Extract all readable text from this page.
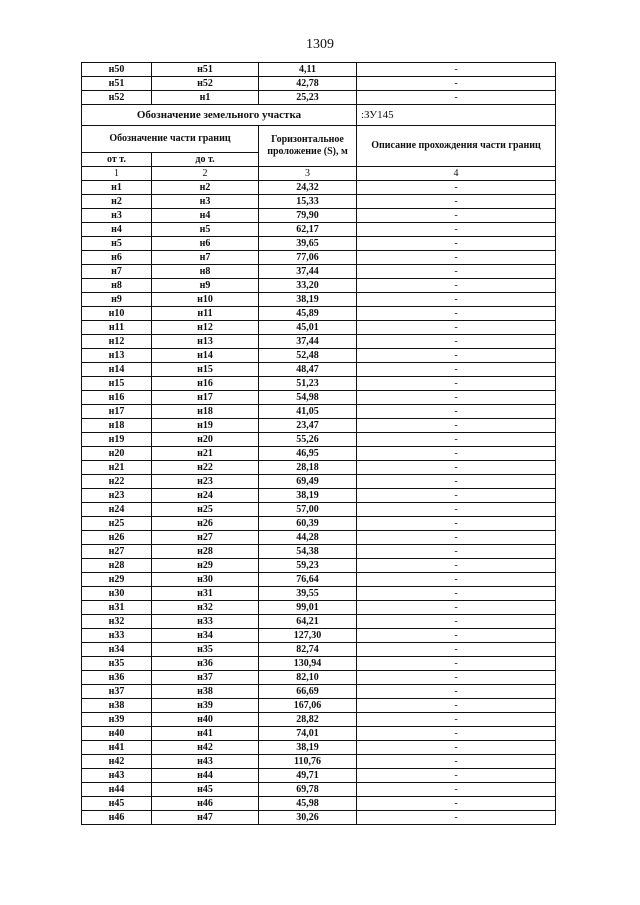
1309
н50	н51	4,11	-
н51	н52	42,78	-
н52	н1	25,23	-
Обозначение земельного участка			:ЗУ145
Обозначение части границ		Горизонтальное проложение (S), м	Описание прохождения части границ
от т.	до т.		
1	2	3	4
н1	н2	24,32	-
н2	н3	15,33	-
н3	н4	79,90	-
н4	н5	62,17	-
н5	н6	39,65	-
н6	н7	77,06	-
н7	н8	37,44	-
н8	н9	33,20	-
н9	н10	38,19	-
н10	н11	45,89	-
н11	н12	45,01	-
н12	н13	37,44	-
н13	н14	52,48	-
н14	н15	48,47	-
н15	н16	51,23	-
н16	н17	54,98	-
н17	н18	41,05	-
н18	н19	23,47	-
н19	н20	55,26	-
н20	н21	46,95	-
н21	н22	28,18	-
н22	н23	69,49	-
н23	н24	38,19	-
н24	н25	57,00	-
н25	н26	60,39	-
н26	н27	44,28	-
н27	н28	54,38	-
н28	н29	59,23	-
н29	н30	76,64	-
н30	н31	39,55	-
н31	н32	99,01	-
н32	н33	64,21	-
н33	н34	127,30	-
н34	н35	82,74	-
н35	н36	130,94	-
н36	н37	82,10	-
н37	н38	66,69	-
н38	н39	167,06	-
н39	н40	28,82	-
н40	н41	74,01	-
н41	н42	38,19	-
н42	н43	110,76	-
н43	н44	49,71	-
н44	н45	69,78	-
н45	н46	45,98	-
н46	н47	30,26	-
